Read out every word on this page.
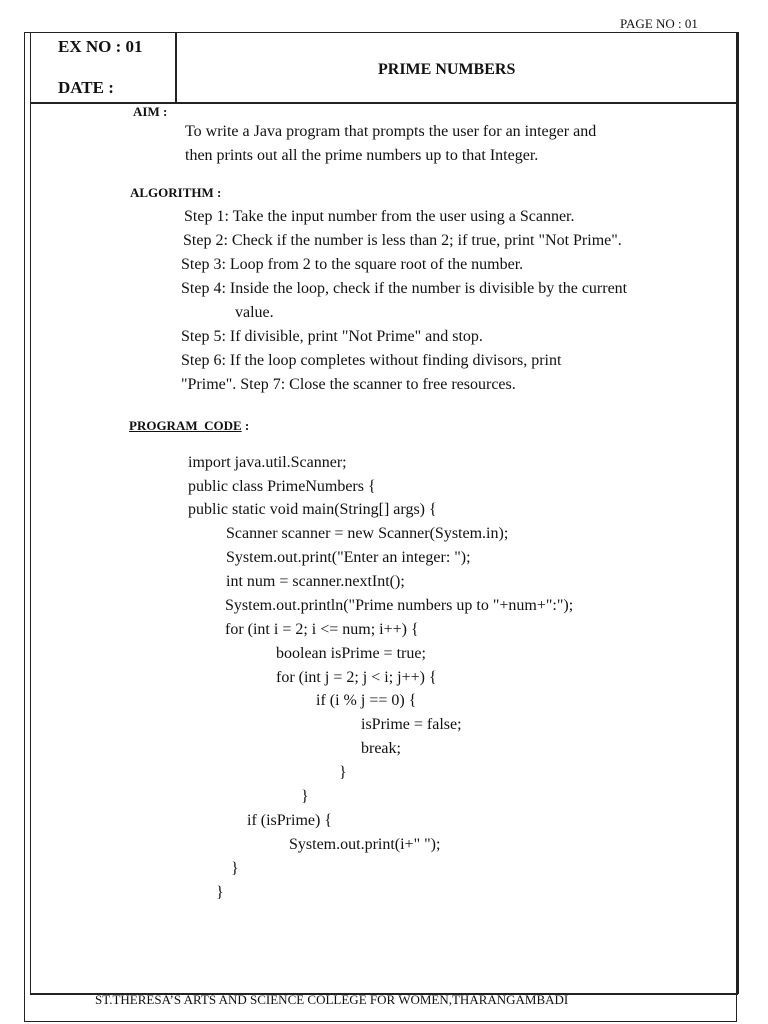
PAGE NO : 01
EX NO : 01
DATE :
PRIME NUMBERS
AIM :
To write a Java program that prompts the user for an integer and
then prints out all the prime numbers up to that Integer.
ALGORITHM :
Step 1: Take the input number from the user using a Scanner.
Step 2: Check if the number is less than 2; if true, print "Not Prime".
Step 3: Loop from 2 to the square root of the number.
Step 4: Inside the loop, check if the number is divisible by the current
value.
Step 5: If divisible, print "Not Prime" and stop.
Step 6: If the loop completes without finding divisors, print
"Prime". Step 7: Close the scanner to free resources.
PROGRAM  CODE :
import java.util.Scanner;
public class PrimeNumbers {
public static void main(String[] args) {
Scanner scanner = new Scanner(System.in);
System.out.print("Enter an integer: ");
int num = scanner.nextInt();
System.out.println("Prime numbers up to "+num+":");
for (int i = 2; i <= num; i++) {
boolean isPrime = true;
for (int j = 2; j < i; j++) {
if (i % j == 0) {
isPrime = false;
break;
}
}
if (isPrime) {
System.out.print(i+" ");
}
}
ST.THERESA’S ARTS AND SCIENCE COLLEGE FOR WOMEN,THARANGAMBADI
